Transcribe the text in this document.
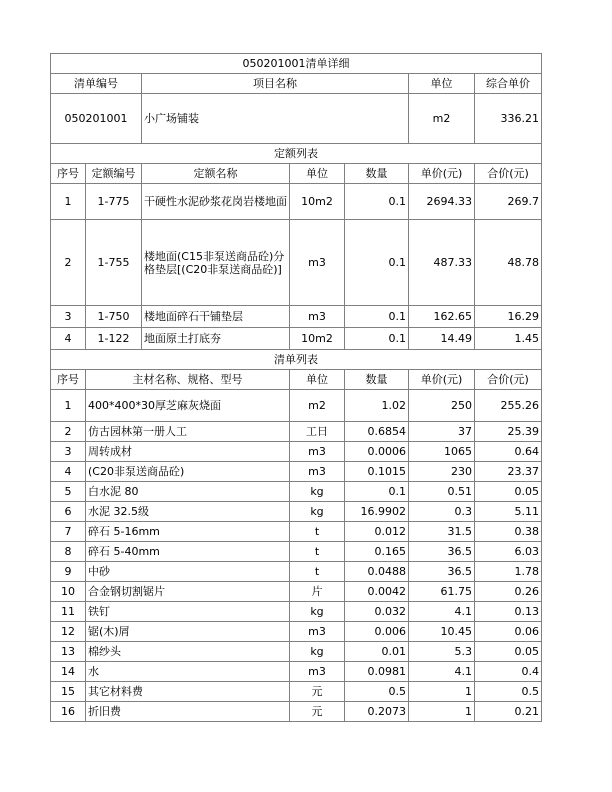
050201001清单详细						
清单编号		项目名称			单位	综合单价
050201001		小广场铺装			m2	336.21
定额列表						
序号	定额编号	定额名称	单位	数量	单价(元)	合价(元)
1	1-775	干硬性水泥砂浆花岗岩楼地面	10m2	0.1	2694.33	269.7
2	1-755	楼地面(C15非泵送商品砼)分格垫层[(C20非泵送商品砼)]	m3	0.1	487.33	48.78
3	1-750	楼地面碎石干铺垫层	m3	0.1	162.65	16.29
4	1-122	地面原土打底夯	10m2	0.1	14.49	1.45
清单列表						
序号	主材名称、规格、型号		单位	数量	单价(元)	合价(元)
1	400*400*30厚芝麻灰烧面		m2	1.02	250	255.26
2	仿古园林第一册人工		工日	0.6854	37	25.39
3	周转成材		m3	0.0006	1065	0.64
4	(C20非泵送商品砼)		m3	0.1015	230	23.37
5	白水泥 80		kg	0.1	0.51	0.05
6	水泥 32.5级		kg	16.9902	0.3	5.11
7	碎石 5-16mm		t	0.012	31.5	0.38
8	碎石 5-40mm		t	0.165	36.5	6.03
9	中砂		t	0.0488	36.5	1.78
10	合金钢切割锯片		片	0.0042	61.75	0.26
11	铁钉		kg	0.032	4.1	0.13
12	锯(木)屑		m3	0.006	10.45	0.06
13	棉纱头		kg	0.01	5.3	0.05
14	水		m3	0.0981	4.1	0.4
15	其它材料费		元	0.5	1	0.5
16	折旧费		元	0.2073	1	0.21
